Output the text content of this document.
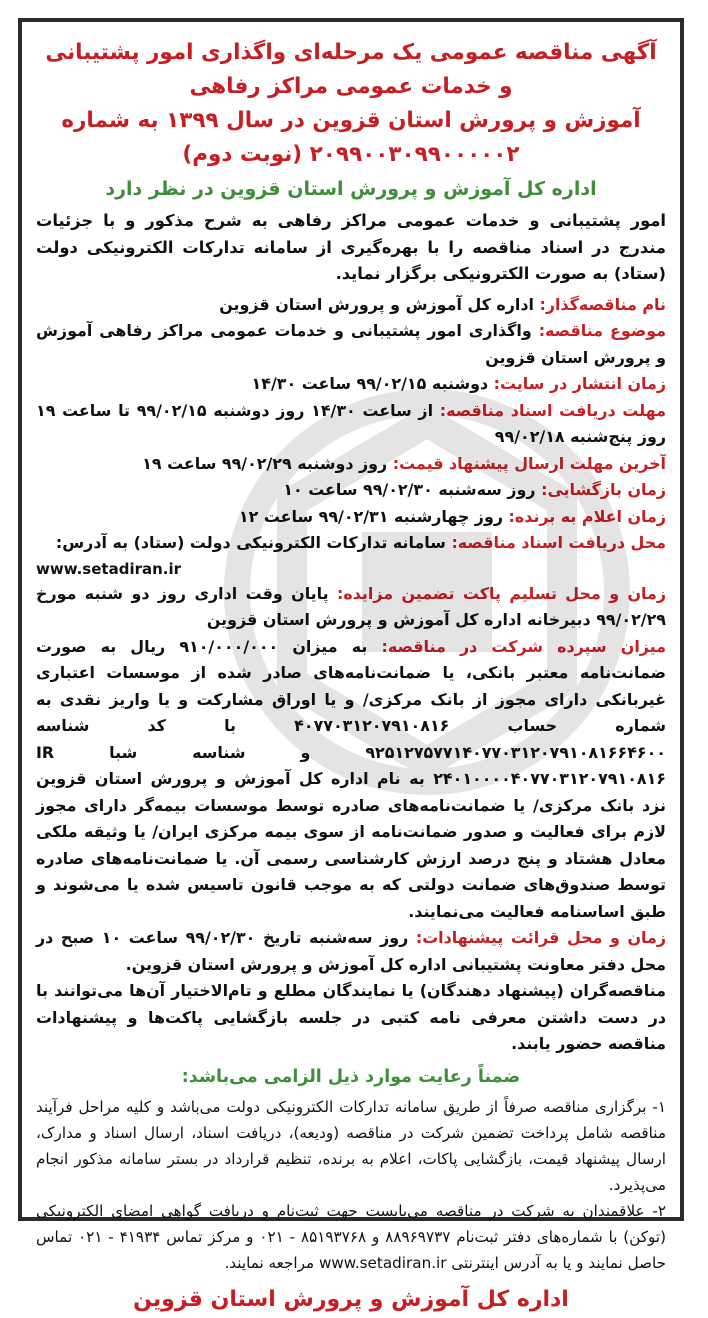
آگهی مناقصه عمومی یک مرحله‌ای واگذاری امور پشتیبانی و خدمات عمومی مراکز رفاهی

آموزش و پرورش استان قزوین در سال ۱۳۹۹ به شماره ۲۰۹۹۰۰۳۰۹۹۰۰۰۰۰۲ (نوبت دوم)

اداره کل آموزش و پرورش استان قزوین در نظر دارد

امور پشتیبانی و خدمات عمومی مراکز رفاهی به شرح مذکور و با جزئیات مندرج در اسناد مناقصه را با بهره‌گیری از سامانه تدارکات الکترونیکی دولت (ستاد) به صورت الکترونیکی برگزار نماید.

نام مناقصه‌گذار: اداره کل آموزش و پرورش استان قزوین

موضوع مناقصه: واگذاری امور پشتیبانی و خدمات عمومی مراکز رفاهی آموزش و پرورش استان قزوین

زمان انتشار در سایت: دوشنبه ۹۹/۰۲/۱۵ ساعت ۱۴/۳۰

مهلت دریافت اسناد مناقصه: از ساعت ۱۴/۳۰ روز دوشنبه ۹۹/۰۲/۱۵ تا ساعت ۱۹ روز پنج‌شنبه ۹۹/۰۲/۱۸

آخرین مهلت ارسال پیشنهاد قیمت: روز دوشنبه ۹۹/۰۲/۲۹ ساعت ۱۹

زمان بازگشایی: روز سه‌شنبه ۹۹/۰۲/۳۰ ساعت ۱۰

زمان اعلام به برنده: روز چهارشنبه ۹۹/۰۲/۳۱ ساعت ۱۲

محل دریافت اسناد مناقصه: سامانه تدارکات الکترونیکی دولت (ستاد) به آدرس:

www.setadiran.ir

زمان و محل تسلیم پاکت تضمین مزایده: پایان وقت اداری روز دو شنبه مورخ ۹۹/۰۲/۲۹ دبیرخانه اداره کل آموزش و پرورش استان قزوین

میزان سپرده شرکت در مناقصه: به میزان ۹۱۰/۰۰۰/۰۰۰ ریال به صورت ضمانت‌نامه معتبر بانکی، یا ضمانت‌نامه‌های صادر شده از موسسات اعتباری غیربانکی دارای مجوز از بانک مرکزی/ و یا اوراق مشارکت و یا واریز نقدی به شماره حساب ۴۰۷۷۰۳۱۲۰۷۹۱۰۸۱۶ با کد شناسه ۹۲۵۱۲۷۵۷۷۱۴۰۷۷۰۳۱۲۰۷۹۱۰۸۱۶۶۴۶۰۰ و شناسه شبا IR ۲۴۰۱۰۰۰۰۴۰۷۷۰۳۱۲۰۷۹۱۰۸۱۶ به نام اداره کل آموزش و پرورش استان قزوین نزد بانک مرکزی/ یا ضمانت‌نامه‌های صادره توسط موسسات بیمه‌گر دارای مجوز لازم برای فعالیت و صدور ضمانت‌نامه از سوی بیمه مرکزی ایران/ یا وثیقه ملکی معادل هشتاد و پنج درصد ارزش کارشناسی رسمی آن. یا ضمانت‌نامه‌های صادره توسط صندوق‌های ضمانت دولتی که به موجب قانون تاسیس شده یا می‌شوند و طبق اساسنامه فعالیت می‌نمایند.

زمان و محل قرائت پیشنهادات: روز سه‌شنبه تاریخ ۹۹/۰۲/۳۰ ساعت ۱۰ صبح در محل دفتر معاونت پشتیبانی اداره کل آموزش و پرورش استان قزوین.

مناقصه‌گران (پیشنهاد دهندگان) یا نمایندگان مطلع و تام‌الاختیار آن‌ها می‌توانند با در دست داشتن معرفی نامه کتبی در جلسه بازگشایی پاکت‌ها و پیشنهادات مناقصه حضور یابند.

ضمناً رعایت موارد ذیل الزامی می‌باشد:

۱- برگزاری مناقصه صرفاً از طریق سامانه تدارکات الکترونیکی دولت می‌باشد و کلیه مراحل فرآیند مناقصه شامل پرداخت تضمین شرکت در مناقصه (ودیعه)، دریافت اسناد، ارسال اسناد و مدارک، ارسال پیشنهاد قیمت، بازگشایی پاکات، اعلام به برنده، تنظیم قرارداد در بستر سامانه مذکور انجام می‌پذیرد.

۲- علاقمندان به شرکت در مناقصه می‌بایست جهت ثبت‌نام و دریافت گواهی امضای الکترونیکی (توکن) با شماره‌های دفتر ثبت‌نام ۸۸۹۶۹۷۳۷ و ۸۵۱۹۳۷۶۸ - ۰۲۱ و مرکز تماس ۴۱۹۳۴ - ۰۲۱ تماس حاصل نمایند و یا به آدرس اینترنتی www.setadiran.ir مراجعه نمایند.

اداره کل آموزش و پرورش استان قزوین
